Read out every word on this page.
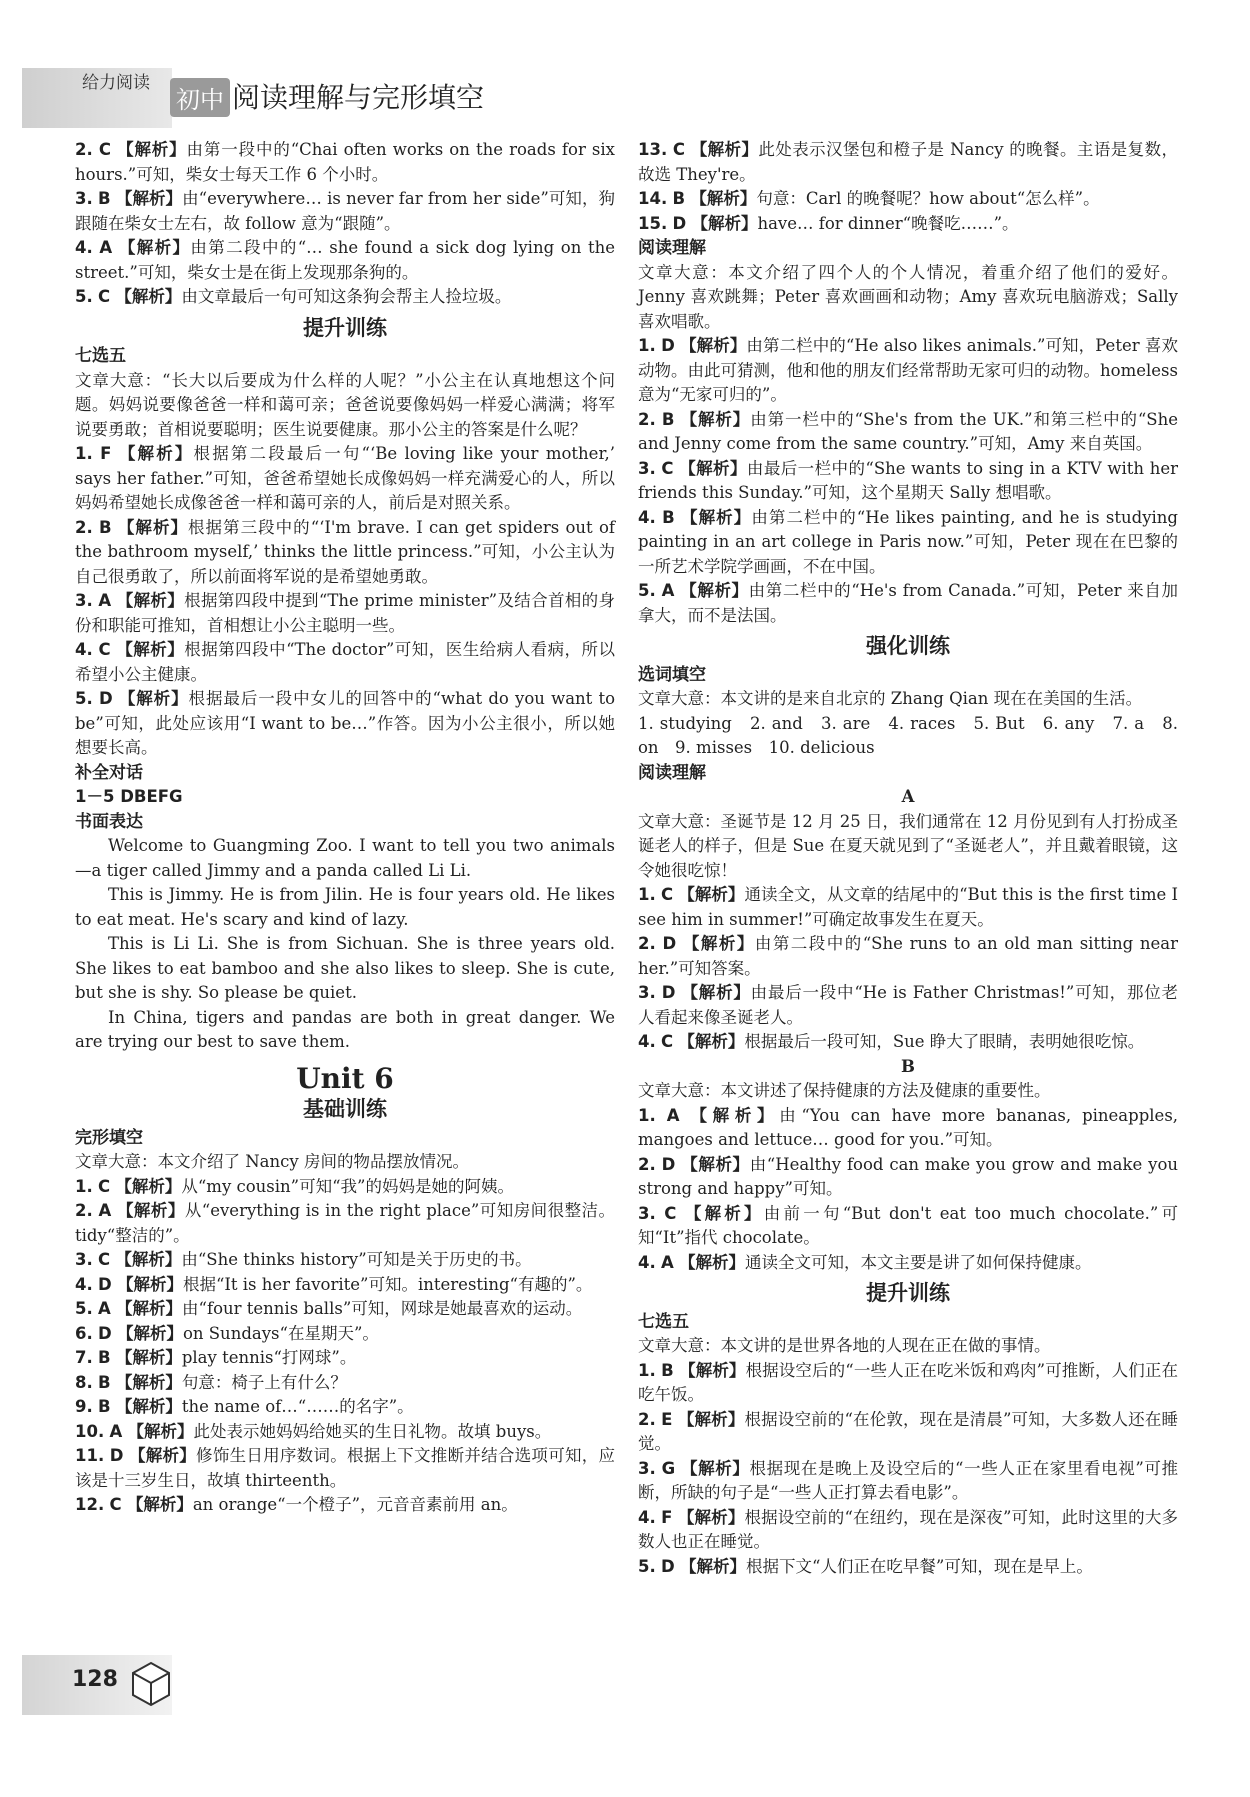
给力阅读
初中 阅读理解与完形填空
2. C 【解析】由第一段中的“Chai often works on the roads for six hours.”可知，柴女士每天工作 6 个小时。
3. B 【解析】由“everywhere… is never far from her side”可知，狗跟随在柴女士左右，故 follow 意为“跟随”。
4. A 【解析】由第二段中的“… she found a sick dog lying on the street.”可知，柴女士是在街上发现那条狗的。
5. C 【解析】由文章最后一句可知这条狗会帮主人捡垃圾。
提升训练
七选五
文章大意：“长大以后要成为什么样的人呢？”小公主在认真地想这个问题。妈妈说要像爸爸一样和蔼可亲；爸爸说要像妈妈一样爱心满满；将军说要勇敢；首相说要聪明；医生说要健康。那小公主的答案是什么呢？
1. F 【解析】根据第二段最后一句“‘Be loving like your mother,’ says her father.”可知，爸爸希望她长成像妈妈一样充满爱心的人，所以妈妈希望她长成像爸爸一样和蔼可亲的人，前后是对照关系。
2. B 【解析】根据第三段中的“‘I'm brave. I can get spiders out of the bathroom myself,’ thinks the little princess.”可知，小公主认为自己很勇敢了，所以前面将军说的是希望她勇敢。
3. A 【解析】根据第四段中提到“The prime minister”及结合首相的身份和职能可推知，首相想让小公主聪明一些。
4. C 【解析】根据第四段中“The doctor”可知，医生给病人看病，所以希望小公主健康。
5. D 【解析】根据最后一段中女儿的回答中的“what do you want to be”可知，此处应该用“I want to be…”作答。因为小公主很小，所以她想要长高。
补全对话
1－5 DBEFG
书面表达
Welcome to Guangming Zoo. I want to tell you two animals—a tiger called Jimmy and a panda called Li Li.
This is Jimmy. He is from Jilin. He is four years old. He likes to eat meat. He's scary and kind of lazy.
This is Li Li. She is from Sichuan. She is three years old. She likes to eat bamboo and she also likes to sleep. She is cute, but she is shy. So please be quiet.
In China, tigers and pandas are both in great danger. We are trying our best to save them.
Unit 6
基础训练
完形填空
文章大意：本文介绍了 Nancy 房间的物品摆放情况。
1. C 【解析】从“my cousin”可知“我”的妈妈是她的阿姨。
2. A 【解析】从“everything is in the right place”可知房间很整洁。tidy“整洁的”。
3. C 【解析】由“She thinks history”可知是关于历史的书。
4. D 【解析】根据“It is her favorite”可知。interesting“有趣的”。
5. A 【解析】由“four tennis balls”可知，网球是她最喜欢的运动。
6. D 【解析】on Sundays“在星期天”。
7. B 【解析】play tennis“打网球”。
8. B 【解析】句意：椅子上有什么？
9. B 【解析】the name of…“……的名字”。
10. A 【解析】此处表示她妈妈给她买的生日礼物。故填 buys。
11. D 【解析】修饰生日用序数词。根据上下文推断并结合选项可知，应该是十三岁生日，故填 thirteenth。
12. C 【解析】an orange“一个橙子”，元音音素前用 an。
13. C 【解析】此处表示汉堡包和橙子是 Nancy 的晚餐。主语是复数，故选 They're。
14. B 【解析】句意：Carl 的晚餐呢？how about“怎么样”。
15. D 【解析】have… for dinner“晚餐吃……”。
阅读理解
文章大意：本文介绍了四个人的个人情况，着重介绍了他们的爱好。Jenny 喜欢跳舞；Peter 喜欢画画和动物；Amy 喜欢玩电脑游戏；Sally 喜欢唱歌。
1. D 【解析】由第二栏中的“He also likes animals.”可知，Peter 喜欢动物。由此可猜测，他和他的朋友们经常帮助无家可归的动物。homeless 意为“无家可归的”。
2. B 【解析】由第一栏中的“She's from the UK.”和第三栏中的“She and Jenny come from the same country.”可知，Amy 来自英国。
3. C 【解析】由最后一栏中的“She wants to sing in a KTV with her friends this Sunday.”可知，这个星期天 Sally 想唱歌。
4. B 【解析】由第二栏中的“He likes painting, and he is studying painting in an art college in Paris now.”可知，Peter 现在在巴黎的一所艺术学院学画画，不在中国。
5. A 【解析】由第二栏中的“He's from Canada.”可知，Peter 来自加拿大，而不是法国。
强化训练
选词填空
文章大意：本文讲的是来自北京的 Zhang Qian 现在在美国的生活。
1. studying　2. and　3. are　4. races　5. But　6. any　7. a　8. on　9. misses　10. delicious
阅读理解
A
文章大意：圣诞节是 12 月 25 日，我们通常在 12 月份见到有人打扮成圣诞老人的样子，但是 Sue 在夏天就见到了“圣诞老人”，并且戴着眼镜，这令她很吃惊！
1. C 【解析】通读全文，从文章的结尾中的“But this is the first time I see him in summer!”可确定故事发生在夏天。
2. D 【解析】由第二段中的“She runs to an old man sitting near her.”可知答案。
3. D 【解析】由最后一段中“He is Father Christmas!”可知，那位老人看起来像圣诞老人。
4. C 【解析】根据最后一段可知，Sue 睁大了眼睛，表明她很吃惊。
B
文章大意：本文讲述了保持健康的方法及健康的重要性。
1. A 【解析】由“You can have more bananas, pineapples, mangoes and lettuce… good for you.”可知。
2. D 【解析】由“Healthy food can make you grow and make you strong and happy”可知。
3. C 【解析】由前一句“But don't eat too much chocolate.”可知“It”指代 chocolate。
4. A 【解析】通读全文可知，本文主要是讲了如何保持健康。
提升训练
七选五
文章大意：本文讲的是世界各地的人现在正在做的事情。
1. B 【解析】根据设空后的“一些人正在吃米饭和鸡肉”可推断，人们正在吃午饭。
2. E 【解析】根据设空前的“在伦敦，现在是清晨”可知，大多数人还在睡觉。
3. G 【解析】根据现在是晚上及设空后的“一些人正在家里看电视”可推断，所缺的句子是“一些人正打算去看电影”。
4. F 【解析】根据设空前的“在纽约，现在是深夜”可知，此时这里的大多数人也正在睡觉。
5. D 【解析】根据下文“人们正在吃早餐”可知，现在是早上。
128
